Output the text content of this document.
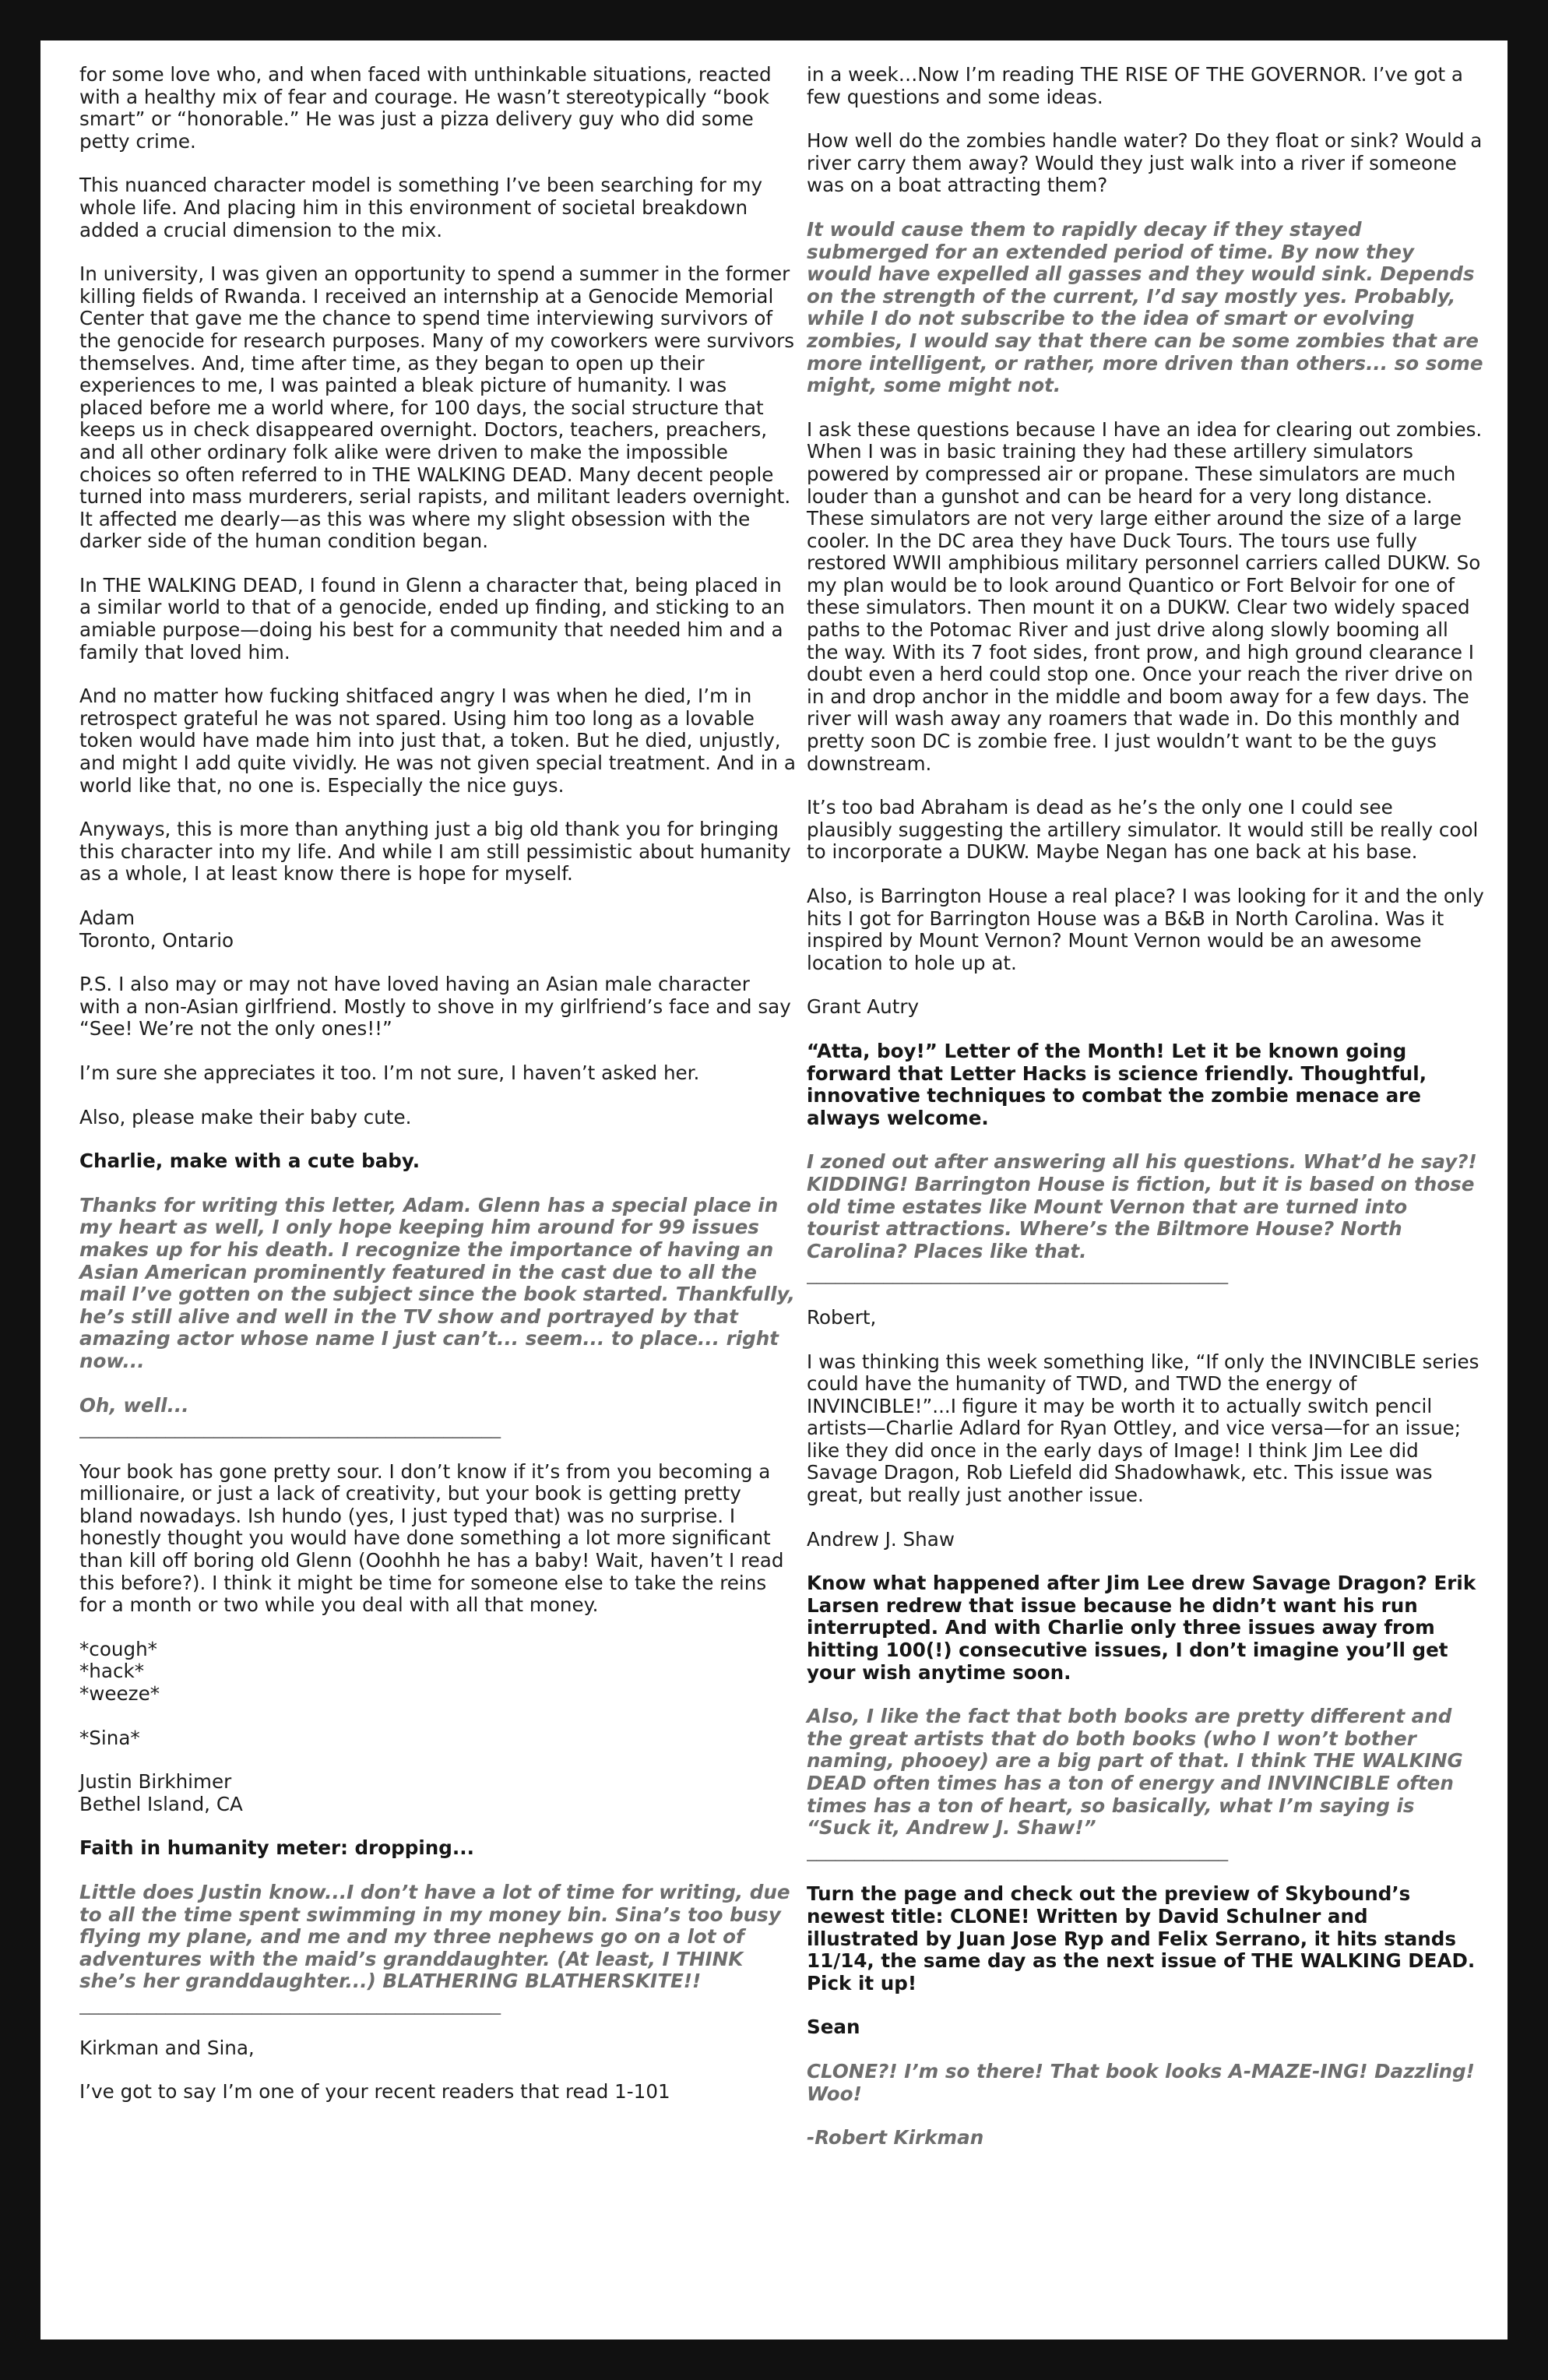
for some love who, and when faced with unthinkable situations, reacted with a healthy mix of fear and courage. He wasn’t stereotypically “book smart” or “honorable.” He was just a pizza delivery guy who did some petty crime.

This nuanced character model is something I’ve been searching for my whole life. And placing him in this environment of societal breakdown added a crucial dimension to the mix.

In university, I was given an opportunity to spend a summer in the former killing fields of Rwanda. I received an internship at a Genocide Memorial Center that gave me the chance to spend time interviewing survivors of the genocide for research purposes. Many of my coworkers were survivors themselves. And, time after time, as they began to open up their experiences to me, I was painted a bleak picture of humanity. I was placed before me a world where, for 100 days, the social structure that keeps us in check disappeared overnight. Doctors, teachers, preachers, and all other ordinary folk alike were driven to make the impossible choices so often referred to in THE WALKING DEAD. Many decent people turned into mass murderers, serial rapists, and militant leaders overnight. It affected me dearly—as this was where my slight obsession with the darker side of the human condition began.

In THE WALKING DEAD, I found in Glenn a character that, being placed in a similar world to that of a genocide, ended up finding, and sticking to an amiable purpose—doing his best for a community that needed him and a family that loved him.

And no matter how fucking shitfaced angry I was when he died, I’m in retrospect grateful he was not spared. Using him too long as a lovable token would have made him into just that, a token. But he died, unjustly, and might I add quite vividly. He was not given special treatment. And in a world like that, no one is. Especially the nice guys.

Anyways, this is more than anything just a big old thank you for bringing this character into my life. And while I am still pessimistic about humanity as a whole, I at least know there is hope for myself.

Adam
Toronto, Ontario

P.S. I also may or may not have loved having an Asian male character with a non-Asian girlfriend. Mostly to shove in my girlfriend’s face and say “See! We’re not the only ones!!”

I’m sure she appreciates it too. I’m not sure, I haven’t asked her.

Also, please make their baby cute.

Charlie, make with a cute baby.

Thanks for writing this letter, Adam. Glenn has a special place in my heart as well, I only hope keeping him around for 99 issues makes up for his death. I recognize the importance of having an Asian American prominently featured in the cast due to all the mail I’ve gotten on the subject since the book started. Thankfully, he’s still alive and well in the TV show and portrayed by that amazing actor whose name I just can’t... seem... to place... right now...

Oh, well...

____________________________________________

Your book has gone pretty sour. I don’t know if it’s from you becoming a millionaire, or just a lack of creativity, but your book is getting pretty bland nowadays. Ish hundo (yes, I just typed that) was no surprise. I honestly thought you would have done something a lot more significant than kill off boring old Glenn (Ooohhh he has a baby! Wait, haven’t I read this before?). I think it might be time for someone else to take the reins for a month or two while you deal with all that money.

*cough*
*hack*
*weeze*

*Sina*

Justin Birkhimer
Bethel Island, CA

Faith in humanity meter: dropping...

Little does Justin know...I don’t have a lot of time for writing, due to all the time spent swimming in my money bin. Sina’s too busy flying my plane, and me and my three nephews go on a lot of adventures with the maid’s granddaughter. (At least, I THINK she’s her granddaughter...) BLATHERING BLATHERSKITE!!

____________________________________________

Kirkman and Sina,

I’ve got to say I’m one of your recent readers that read 1-101

in a week…Now I’m reading THE RISE OF THE GOVERNOR. I’ve got a few questions and some ideas.

How well do the zombies handle water? Do they float or sink? Would a river carry them away? Would they just walk into a river if someone was on a boat attracting them?

It would cause them to rapidly decay if they stayed submerged for an extended period of time. By now they would have expelled all gasses and they would sink. Depends on the strength of the current, I’d say mostly yes. Probably, while I do not subscribe to the idea of smart or evolving zombies, I would say that there can be some zombies that are more intelligent, or rather, more driven than others... so some might, some might not.

I ask these questions because I have an idea for clearing out zombies. When I was in basic training they had these artillery simulators powered by compressed air or propane. These simulators are much louder than a gunshot and can be heard for a very long distance. These simulators are not very large either around the size of a large cooler. In the DC area they have Duck Tours. The tours use fully restored WWII amphibious military personnel carriers called DUKW. So my plan would be to look around Quantico or Fort Belvoir for one of these simulators. Then mount it on a DUKW. Clear two widely spaced paths to the Potomac River and just drive along slowly booming all the way. With its 7 foot sides, front prow, and high ground clearance I doubt even a herd could stop one. Once your reach the river drive on in and drop anchor in the middle and boom away for a few days. The river will wash away any roamers that wade in. Do this monthly and pretty soon DC is zombie free. I just wouldn’t want to be the guys downstream.

It’s too bad Abraham is dead as he’s the only one I could see plausibly suggesting the artillery simulator. It would still be really cool to incorporate a DUKW. Maybe Negan has one back at his base.

Also, is Barrington House a real place? I was looking for it and the only hits I got for Barrington House was a B&B in North Carolina. Was it inspired by Mount Vernon? Mount Vernon would be an awesome location to hole up at.

Grant Autry

“Atta, boy!” Letter of the Month! Let it be known going forward that Letter Hacks is science friendly. Thoughtful, innovative techniques to combat the zombie menace are always welcome.

I zoned out after answering all his questions. What’d he say?! KIDDING! Barrington House is fiction, but it is based on those old time estates like Mount Vernon that are turned into tourist attractions. Where’s the Biltmore House? North Carolina? Places like that.

____________________________________________

Robert,

I was thinking this week something like, “If only the INVINCIBLE series could have the humanity of TWD, and TWD the energy of INVINCIBLE!”...I figure it may be worth it to actually switch pencil artists—Charlie Adlard for Ryan Ottley, and vice versa—for an issue; like they did once in the early days of Image! I think Jim Lee did Savage Dragon, Rob Liefeld did Shadowhawk, etc. This issue was great, but really just another issue.

Andrew J. Shaw

Know what happened after Jim Lee drew Savage Dragon? Erik Larsen redrew that issue because he didn’t want his run interrupted. And with Charlie only three issues away from hitting 100(!) consecutive issues, I don’t imagine you’ll get your wish anytime soon.

Also, I like the fact that both books are pretty different and the great artists that do both books (who I won’t bother naming, phooey) are a big part of that. I think THE WALKING DEAD often times has a ton of energy and INVINCIBLE often times has a ton of heart, so basically, what I’m saying is “Suck it, Andrew J. Shaw!”

____________________________________________

Turn the page and check out the preview of Skybound’s newest title: CLONE! Written by David Schulner and illustrated by Juan Jose Ryp and Felix Serrano, it hits stands 11/14, the same day as the next issue of THE WALKING DEAD. Pick it up!

Sean

CLONE?! I’m so there! That book looks A-MAZE-ING! Dazzling! Woo!

-Robert Kirkman
